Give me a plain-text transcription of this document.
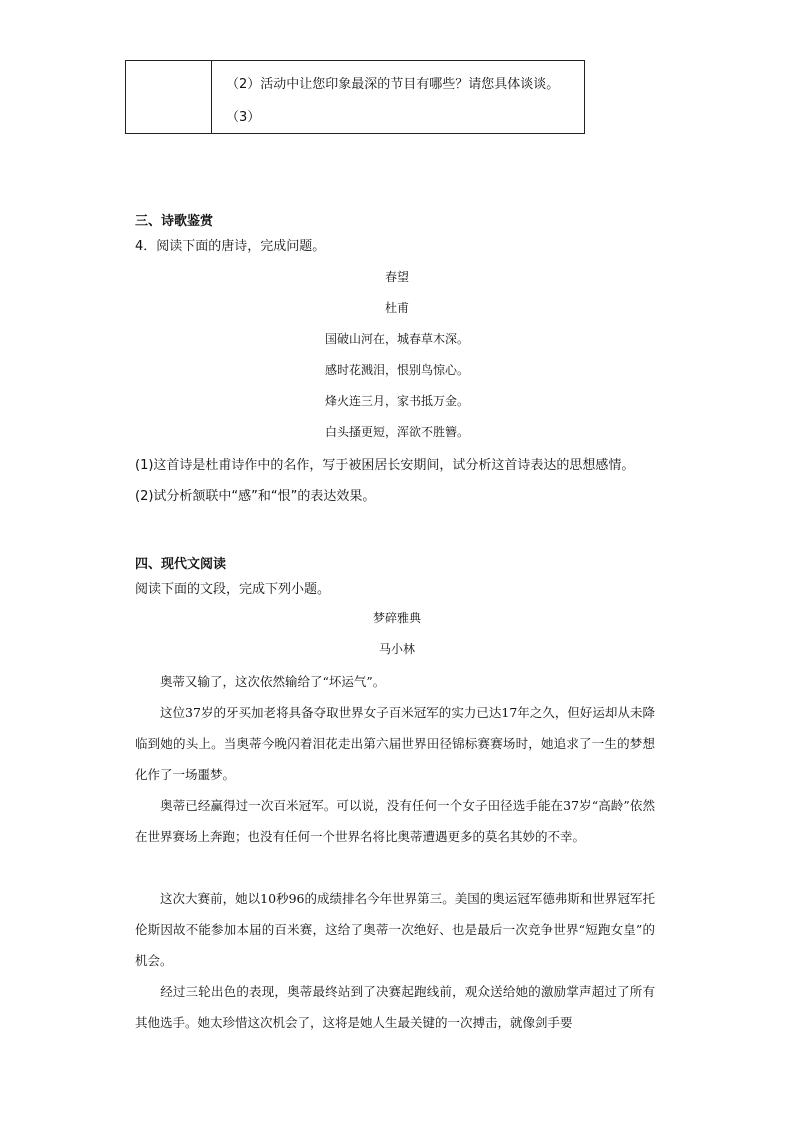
（2）活动中让您印象最深的节目有哪些？请您具体谈谈。
（3）
三、诗歌鉴赏
4．阅读下面的唐诗，完成问题。
春望
杜甫
国破山河在，城春草木深。
感时花溅泪，恨别鸟惊心。
烽火连三月，家书抵万金。
白头搔更短，浑欲不胜簪。
(1)这首诗是杜甫诗作中的名作，写于被困居长安期间，试分析这首诗表达的思想感情。
(2)试分析颔联中“感”和“恨”的表达效果。
四、现代文阅读
阅读下面的文段，完成下列小题。
梦碎雅典
马小林
奥蒂又输了，这次依然输给了“坏运气”。
这位37岁的牙买加老将具备夺取世界女子百米冠军的实力已达17年之久，但好运却从未降临到她的头上。当奥蒂今晚闪着泪花走出第六届世界田径锦标赛赛场时，她追求了一生的梦想化作了一场噩梦。
奥蒂已经赢得过一次百米冠军。可以说，没有任何一个女子田径选手能在37岁“高龄”依然在世界赛场上奔跑；也没有任何一个世界名将比奥蒂遭遇更多的莫名其妙的不幸。
这次大赛前，她以10秒96的成绩排名今年世界第三。美国的奥运冠军德弗斯和世界冠军托伦斯因故不能参加本届的百米赛，这给了奥蒂一次绝好、也是最后一次竞争世界“短跑女皇”的机会。
经过三轮出色的表现，奥蒂最终站到了决赛起跑线前，观众送给她的激励掌声超过了所有其他选手。她太珍惜这次机会了，这将是她人生最关键的一次搏击，就像剑手要
